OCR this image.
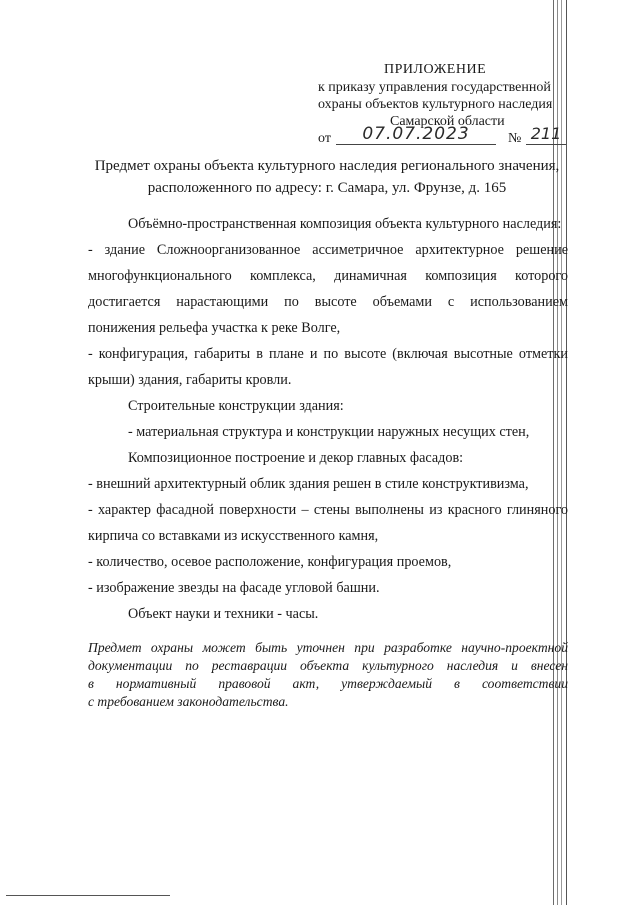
ПРИЛОЖЕНИЕ
к приказу управления государственной
охраны объектов культурного наследия
Самарской области
от	07.07.2023	№ 211
Предмет охраны объекта культурного наследия регионального значения,
расположенного по адресу: г. Самара, ул. Фрунзе, д. 165
Объёмно-пространственная композиция объекта культурного наследия:
- здание Сложноорганизованное ассиметричное архитектурное решение
многофункционального комплекса, динамичная композиция которого
достигается нарастающими по высоте объемами с использованием
понижения рельефа участка к реке Волге,
- конфигурация, габариты в плане и по высоте (включая высотные отметки
крыши) здания, габариты кровли.
Строительные конструкции здания:
- материальная структура и конструкции наружных несущих стен,
Композиционное построение и декор главных фасадов:
- внешний архитектурный облик здания решен в стиле конструктивизма,
- характер фасадной поверхности – стены выполнены из красного глиняного
кирпича со вставками из искусственного камня,
- количество, осевое расположение, конфигурация проемов,
- изображение звезды на фасаде угловой башни.
Объект науки и техники - часы.
Предмет охраны может быть уточнен при разработке научно-проектной
документации по реставрации объекта культурного наследия и внесен
в нормативный правовой акт, утверждаемый в соответствии
с требованием законодательства.
